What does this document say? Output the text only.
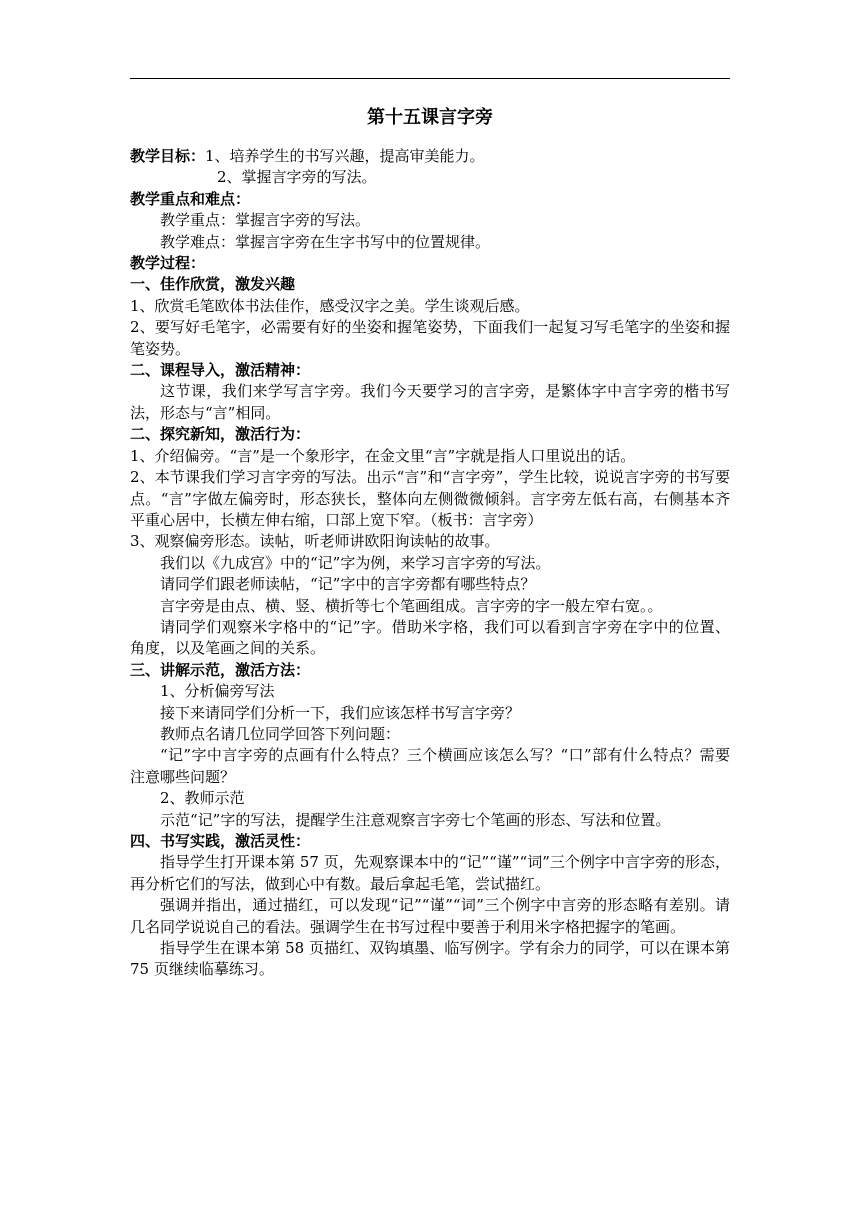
第十五课言字旁

教学目标：1、培养学生的书写兴趣，提高审美能力。

2、掌握言字旁的写法。

教学重点和难点：

教学重点：掌握言字旁的写法。

教学难点：掌握言字旁在生字书写中的位置规律。

教学过程：

一、佳作欣赏，激发兴趣

1、欣赏毛笔欧体书法佳作，感受汉字之美。学生谈观后感。

2、要写好毛笔字，必需要有好的坐姿和握笔姿势，下面我们一起复习写毛笔字的坐姿和握笔姿势。

二、课程导入，激活精神：

这节课，我们来学写言字旁。我们今天要学习的言字旁，是繁体字中言字旁的楷书写法，形态与“言”相同。

二、探究新知，激活行为：

1、介绍偏旁。“言”是一个象形字，在金文里“言”字就是指人口里说出的话。

2、本节课我们学习言字旁的写法。出示“言”和“言字旁”，学生比较，说说言字旁的书写要点。“言”字做左偏旁时，形态狭长，整体向左侧微微倾斜。言字旁左低右高，右侧基本齐平重心居中，长横左伸右缩，口部上宽下窄。（板书：言字旁）

3、观察偏旁形态。读帖，听老师讲欧阳询读帖的故事。

我们以《九成宫》中的“记”字为例，来学习言字旁的写法。

请同学们跟老师读帖，“记”字中的言字旁都有哪些特点？

言字旁是由点、横、竖、横折等七个笔画组成。言字旁的字一般左窄右宽。。

请同学们观察米字格中的“记”字。借助米字格，我们可以看到言字旁在字中的位置、角度，以及笔画之间的关系。

三、讲解示范，激活方法：

1、分析偏旁写法

接下来请同学们分析一下，我们应该怎样书写言字旁？

教师点名请几位同学回答下列问题：

“记”字中言字旁的点画有什么特点？三个横画应该怎么写？“口”部有什么特点？需要注意哪些问题？

2、教师示范

示范“记”字的写法，提醒学生注意观察言字旁七个笔画的形态、写法和位置。

四、书写实践，激活灵性：

指导学生打开课本第 57 页，先观察课本中的“记”“谨”“词”三个例字中言字旁的形态，再分析它们的写法，做到心中有数。最后拿起毛笔，尝试描红。

强调并指出，通过描红，可以发现“记”“谨”“词”三个例字中言旁的形态略有差别。请几名同学说说自己的看法。强调学生在书写过程中要善于利用米字格把握字的笔画。

指导学生在课本第 58 页描红、双钩填墨、临写例字。学有余力的同学，可以在课本第 75 页继续临摹练习。
